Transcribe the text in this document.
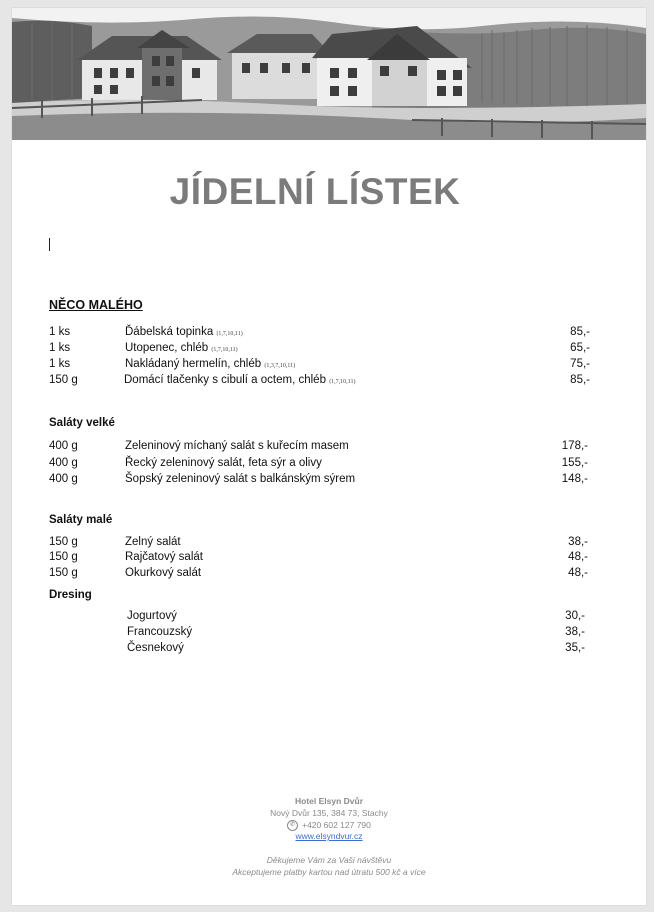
NĚCO MALÉHO
1 ks	Ďábelská topinka (1,7,10,11)	85,-
1 ks	Utopenec, chléb (1,7,10,11)	65,-
1 ks	Nakládaný hermelín, chléb (1,3,7,10,11)	75,-
150 g	Domácí tlačenky s cibulí a octem, chléb (1,7,10,11)	85,-
Saláty velké
400 g	Zeleninový míchaný salát s kuřecím masem	178,-
400 g	Řecký zeleninový salát, feta sýr a olivy	155,-
400 g	Šopský zeleninový salát s balkánským sýrem	148,-
Saláty malé
150 g	Zelný salát	38,-
150 g	Rajčatový salát	48,-
150 g	Okurkový salát	48,-
Dresing
Jogurtový	30,-
Francouzský	38,-
Česnekový	35,-
Hotel Elsyn Dvůr
Nový Dvůr 135, 384 73, Stachy
✆ +420 602 127 790
www.elsyndvur.cz
Děkujeme Vám za Vaši návštěvu
Akceptujeme platby kartou nad útratu 500 kč a více
JÍDELNÍ LÍSTEK
